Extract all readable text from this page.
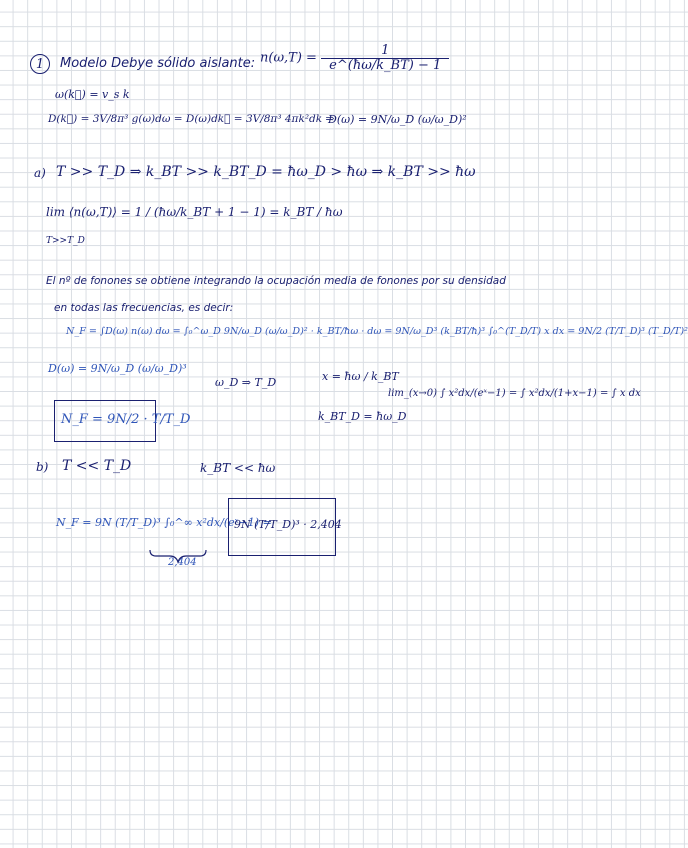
1 Modelo Debye sólido aislante: $n(\omega,T) = \frac{1}{e\^{}(ħ\omega/k\_BT) - 1}$
ω(k⃗) = v_s k
D(k⃗) = 3V/8π³ g(ω)dω = D(ω)dk⃗ = 3V/8π³ 4πk²dk ⇒
D(ω) = 9N/ω_D (ω/ω_D)²
a) T >> T_D ⇒ k_BT >> k_BT_D = ħω_D > ħω ⇒ k_BT >> ħω
lim ⟨n(ω,T)⟩ = 1 / (ħω/k_BT + 1 − 1) = k_BT / ħω
T>>T_D
El nº de fonones se obtiene integrando la ocupación media de fonones por su densidad
en todas las frecuencias, es decir:
N_F = ∫D(ω) n(ω) dω = ∫₀^ω_D 9N/ω_D (ω/ω_D)² · k_BT/ħω · dω = 9N/ω_D³ (k_BT/ħ)³ ∫₀^(T_D/T) x dx = 9N/2 (T/T_D)³ (T_D/T)²
D(ω) = 9N/ω_D (ω/ω_D)³
ω_D ⇒ T_D	x = ħω / k_BT
lim_(x→0) ∫ x²dx/(eˣ−1) = ∫ x²dx/(1+x−1) = ∫ x dx
k_BT_D = ħω_D
N_F = 9N/2 · T/T_D
b) T << T_D	k_BT << ħω
N_F = 9N (T/T_D)³ ∫₀^∞ x²dx/(eˣ−1) =
2,404
9N (T/T_D)³ · 2,404
